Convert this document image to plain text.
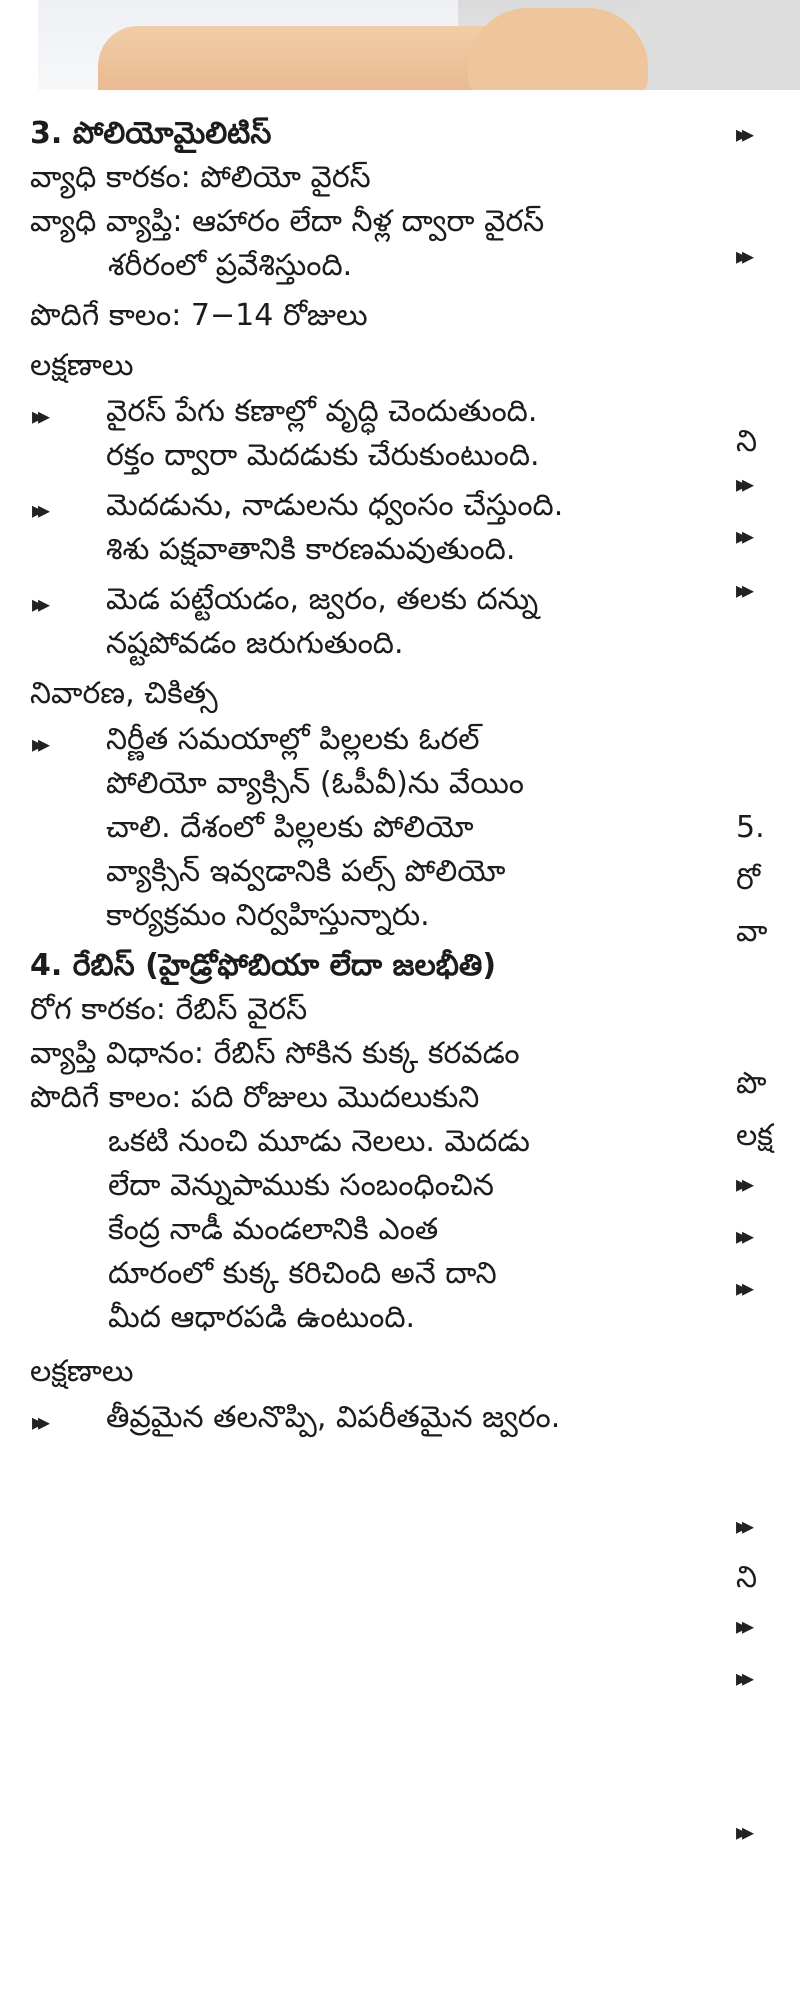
3. పోలియోమైలిటిస్

వ్యాధి కారకం: పోలియో వైరస్

వ్యాధి వ్యాప్తి: ఆహారం లేదా నీళ్ల ద్వారా వైరస్

శరీరంలో ప్రవేశిస్తుంది.

పొదిగే కాలం: 7−14 రోజులు

లక్షణాలు

▸▸ వైరస్ పేగు కణాల్లో వృద్ధి చెందుతుంది.

రక్తం ద్వారా మెదడుకు చేరుకుంటుంది.

▸▸ మెదడును, నాడులను ధ్వంసం చేస్తుంది.

శిశు పక్షవాతానికి కారణమవుతుంది.

▸▸ మెడ పట్టేయడం, జ్వరం, తలకు దన్ను

నష్టపోవడం జరుగుతుంది.

నివారణ, చికిత్స

▸▸ నిర్ణీత సమయాల్లో పిల్లలకు ఓరల్

పోలియో వ్యాక్సిన్ (ఓపీవీ)ను వేయిం

చాలి. దేశంలో పిల్లలకు పోలియో

వ్యాక్సిన్ ఇవ్వడానికి పల్స్ పోలియో

కార్యక్రమం నిర్వహిస్తున్నారు.

4. రేబిస్ (హైడ్రోఫోబియా లేదా జలభీతి)

రోగ కారకం: రేబిస్ వైరస్

వ్యాప్తి విధానం: రేబిస్ సోకిన కుక్క కరవడం

పొదిగే కాలం: పది రోజులు మొదలుకుని

ఒకటి నుంచి మూడు నెలలు. మెదడు

లేదా వెన్నుపాముకు సంబంధించిన

కేంద్ర నాడీ మండలానికి ఎంత

దూరంలో కుక్క కరిచింది అనే దాని

మీద ఆధారపడి ఉంటుంది.

లక్షణాలు

▸▸ తీవ్రమైన తలనొప్పి, విపరీతమైన జ్వరం.

▸▸
▸▸
ని
▸▸
▸▸
▸▸
5.
రో
వా
పొ
లక్ష
▸▸
▸▸
▸▸
▸▸
ని
▸▸
▸▸
▸▸
